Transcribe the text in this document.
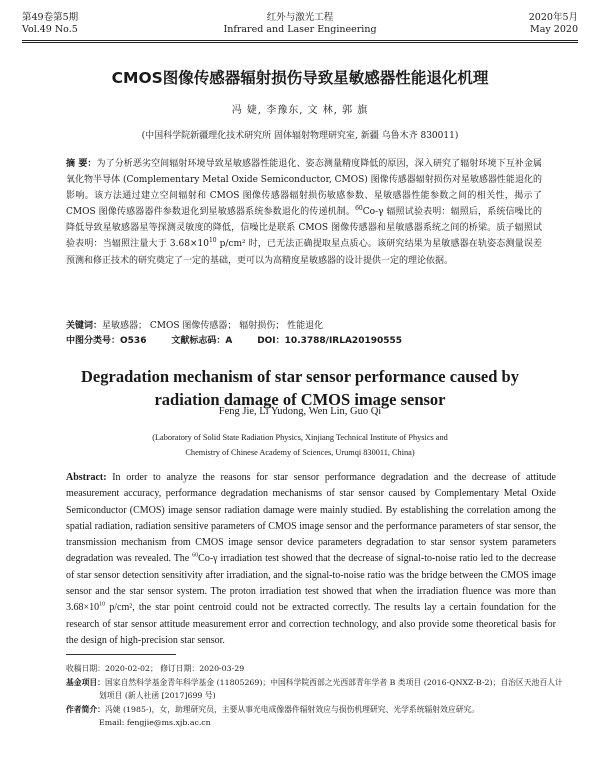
第49卷第5期
Vol.49 No.5
红外与激光工程
Infrared and Laser Engineering
2020年5月
May 2020
CMOS图像传感器辐射损伤导致星敏感器性能退化机理
冯 婕, 李豫东, 文 林, 郭 旗
(中国科学院新疆理化技术研究所 固体辐射物理研究室, 新疆 乌鲁木齐 830011)
摘 要：为了分析恶劣空间辐射环境导致星敏感器性能退化、姿态测量精度降低的原因，深入研究了辐射环境下互补金属氧化物半导体 (Complementary Metal Oxide Semiconductor, CMOS) 图像传感器辐射损伤对星敏感器性能退化的影响。该方法通过建立空间辐射和 CMOS 图像传感器辐射损伤敏感参数、星敏感器性能参数之间的相关性，揭示了 CMOS 图像传感器器件参数退化到星敏感器系统参数退化的传递机制。$^{60}$Co-γ 辐照试验表明：辐照后，系统信噪比的降低导致星敏感器星等探测灵敏度的降低，信噪比是联系 CMOS 图像传感器和星敏感器系统之间的桥梁。质子辐照试验表明：当辐照注量大于 $3.68\times 10^{10}$ p/cm² 时，已无法正确提取星点质心。该研究结果为星敏感器在轨姿态测量误差预测和修正技术的研究奠定了一定的基础，更可以为高精度星敏感器的设计提供一定的理论依据。
关键词：星敏感器； CMOS 图像传感器； 辐射损伤； 性能退化
中图分类号：O536	文献标志码：A	DOI：10.3788/IRLA20190555
Degradation mechanism of star sensor performance caused by radiation damage of CMOS image sensor
Feng Jie, Li Yudong, Wen Lin, Guo Qi
(Laboratory of Solid State Radiation Physics, Xinjiang Technical Institute of Physics and
Chemistry of Chinese Academy of Sciences, Urumqi 830011, China)
Abstract: In order to analyze the reasons for star sensor performance degradation and the decrease of attitude measurement accuracy, performance degradation mechanisms of star sensor caused by Complementary Metal Oxide Semiconductor (CMOS) image sensor radiation damage were mainly studied. By establishing the correlation among the spatial radiation, radiation sensitive parameters of CMOS image sensor and the performance parameters of star sensor, the transmission mechanism from CMOS image sensor device parameters degradation to star sensor system parameters degradation was revealed. The $^{60}$Co-γ irradiation test showed that the decrease of signal-to-noise ratio led to the decrease of star sensor detection sensitivity after irradiation, and the signal-to-noise ratio was the bridge between the CMOS image sensor and the star sensor system. The proton irradiation test showed that when the irradiation fluence was more than $3.68\times 10^{10}$ p/cm², the star point centroid could not be extracted correctly. The results lay a certain foundation for the research of star sensor attitude measurement error and correction technology, and also provide some theoretical basis for the design of high-precision star sensor.
收稿日期：2020-02-02； 修订日期：2020-03-29
基金项目：国家自然科学基金青年科学基金 (11805269)；中国科学院西部之光西部青年学者 B 类项目 (2016-QNXZ-B-2)；自治区天池百人计
划项目 (新人社函 [2017]699 号)
作者简介：冯婕 (1985-)，女，助理研究员，主要从事光电成像器件辐射效应与损伤机理研究、光学系统辐射效应研究。
Email: fengjie@ms.xjb.ac.cn
